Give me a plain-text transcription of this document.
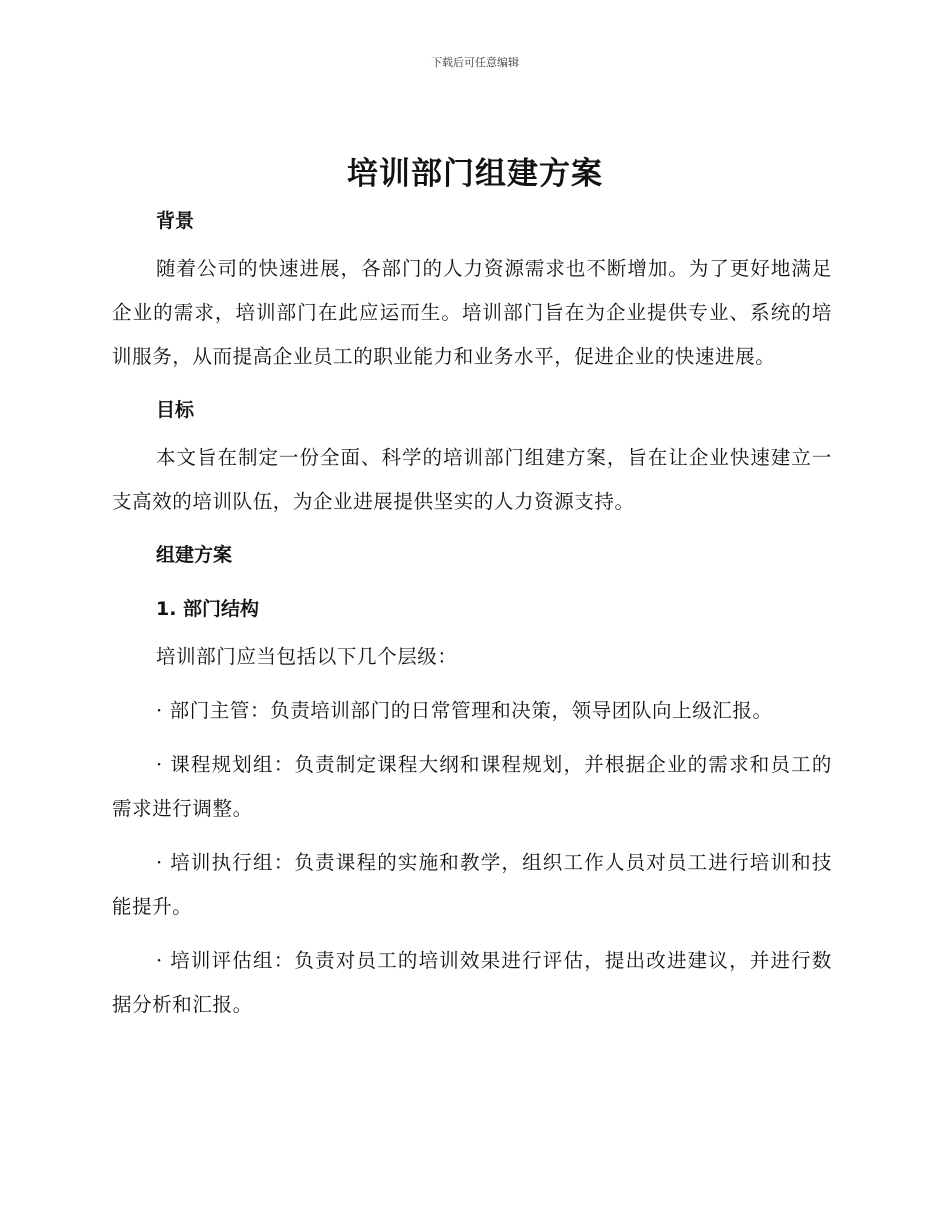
下载后可任意编辑
培训部门组建方案

背景

随着公司的快速进展，各部门的人力资源需求也不断增加。为了更好地满足企业的需求，培训部门在此应运而生。培训部门旨在为企业提供专业、系统的培训服务，从而提高企业员工的职业能力和业务水平，促进企业的快速进展。

目标

本文旨在制定一份全面、科学的培训部门组建方案，旨在让企业快速建立一支高效的培训队伍，为企业进展提供坚实的人力资源支持。

组建方案

1. 部门结构

培训部门应当包括以下几个层级：

· 部门主管：负责培训部门的日常管理和决策，领导团队向上级汇报。

· 课程规划组：负责制定课程大纲和课程规划，并根据企业的需求和员工的需求进行调整。

· 培训执行组：负责课程的实施和教学，组织工作人员对员工进行培训和技能提升。

· 培训评估组：负责对员工的培训效果进行评估，提出改进建议，并进行数据分析和汇报。
